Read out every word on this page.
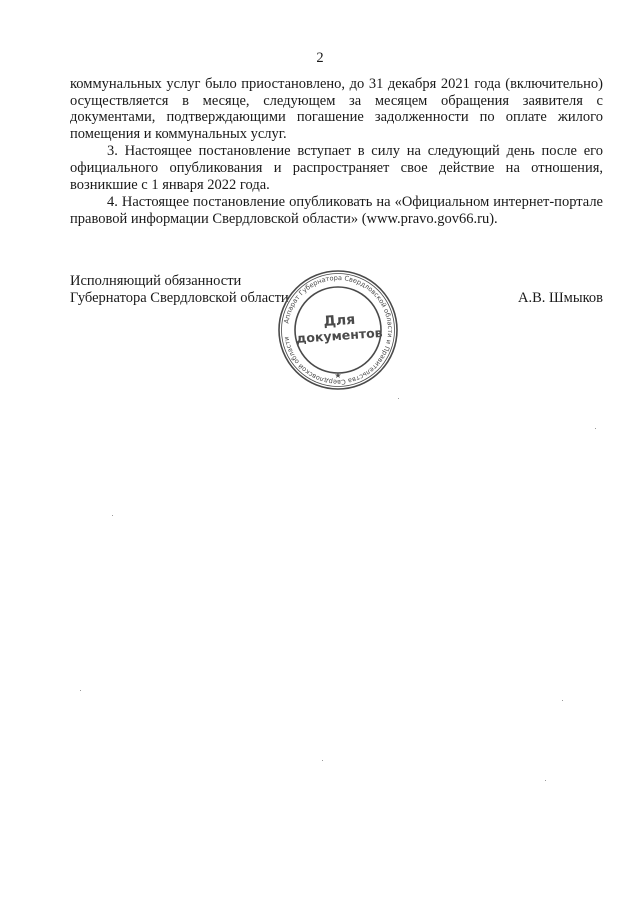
2

коммунальных услуг было приостановлено, до 31 декабря 2021 года (включительно) осуществляется в месяце, следующем за месяцем обращения заявителя с документами, подтверждающими погашение задолженности по оплате жилого помещения и коммунальных услуг.

3. Настоящее постановление вступает в силу на следующий день после его официального опубликования и распространяет свое действие на отношения, возникшие с 1 января 2022 года.

4. Настоящее постановление опубликовать на «Официальном интернет-портале правовой информации Свердловской области» (www.pravo.gov66.ru).

Исполняющий обязанности
Губернатора Свердловской области	А.В. Шмыков
Аппарат Губернатора Свердловской области и Правительства Свердловской области
★
Для
документов
